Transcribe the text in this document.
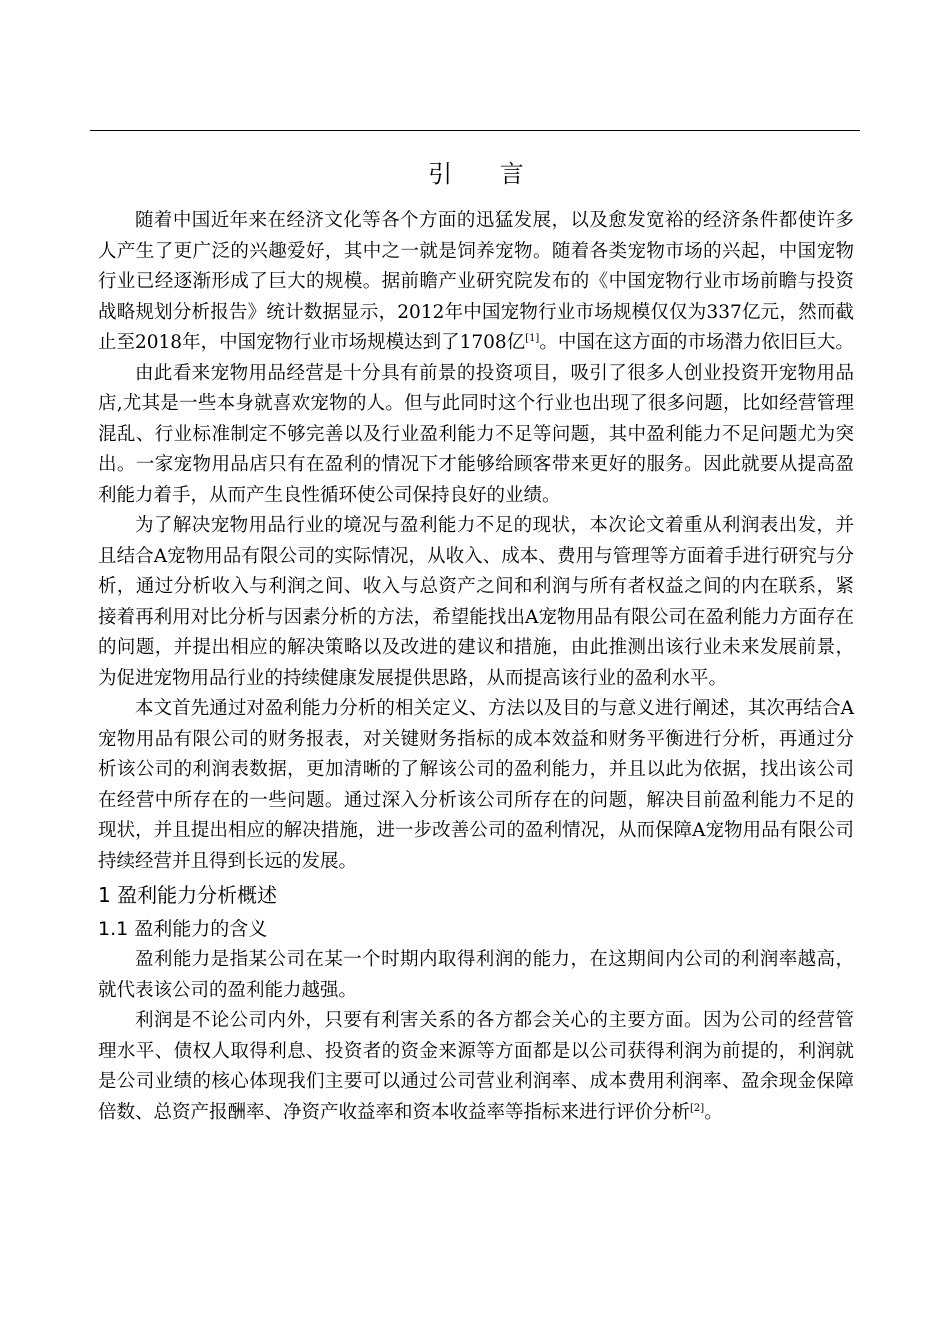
引 言

随着中国近年来在经济文化等各个方面的迅猛发展，以及愈发宽裕的经济条件都使许多人产生了更广泛的兴趣爱好，其中之一就是饲养宠物。随着各类宠物市场的兴起，中国宠物行业已经逐渐形成了巨大的规模。据前瞻产业研究院发布的《中国宠物行业市场前瞻与投资战略规划分析报告》统计数据显示，2012年中国宠物行业市场规模仅仅为337亿元，然而截止至2018年，中国宠物行业市场规模达到了1708亿[1]。中国在这方面的市场潜力依旧巨大。

由此看来宠物用品经营是十分具有前景的投资项目，吸引了很多人创业投资开宠物用品店,尤其是一些本身就喜欢宠物的人。但与此同时这个行业也出现了很多问题，比如经营管理混乱、行业标准制定不够完善以及行业盈利能力不足等问题，其中盈利能力不足问题尤为突出。一家宠物用品店只有在盈利的情况下才能够给顾客带来更好的服务。因此就要从提高盈利能力着手，从而产生良性循环使公司保持良好的业绩。

为了解决宠物用品行业的境况与盈利能力不足的现状，本次论文着重从利润表出发，并且结合A宠物用品有限公司的实际情况，从收入、成本、费用与管理等方面着手进行研究与分析，通过分析收入与利润之间、收入与总资产之间和利润与所有者权益之间的内在联系，紧接着再利用对比分析与因素分析的方法，希望能找出A宠物用品有限公司在盈利能力方面存在的问题，并提出相应的解决策略以及改进的建议和措施，由此推测出该行业未来发展前景，为促进宠物用品行业的持续健康发展提供思路，从而提高该行业的盈利水平。

本文首先通过对盈利能力分析的相关定义、方法以及目的与意义进行阐述，其次再结合A宠物用品有限公司的财务报表，对关键财务指标的成本效益和财务平衡进行分析，再通过分析该公司的利润表数据，更加清晰的了解该公司的盈利能力，并且以此为依据，找出该公司在经营中所存在的一些问题。通过深入分析该公司所存在的问题，解决目前盈利能力不足的现状，并且提出相应的解决措施，进一步改善公司的盈利情况，从而保障A宠物用品有限公司持续经营并且得到长远的发展。

1 盈利能力分析概述
1.1 盈利能力的含义

盈利能力是指某公司在某一个时期内取得利润的能力，在这期间内公司的利润率越高，就代表该公司的盈利能力越强。

利润是不论公司内外，只要有利害关系的各方都会关心的主要方面。因为公司的经营管理水平、债权人取得利息、投资者的资金来源等方面都是以公司获得利润为前提的，利润就是公司业绩的核心体现我们主要可以通过公司营业利润率、成本费用利润率、盈余现金保障倍数、总资产报酬率、净资产收益率和资本收益率等指标来进行评价分析[2]。
